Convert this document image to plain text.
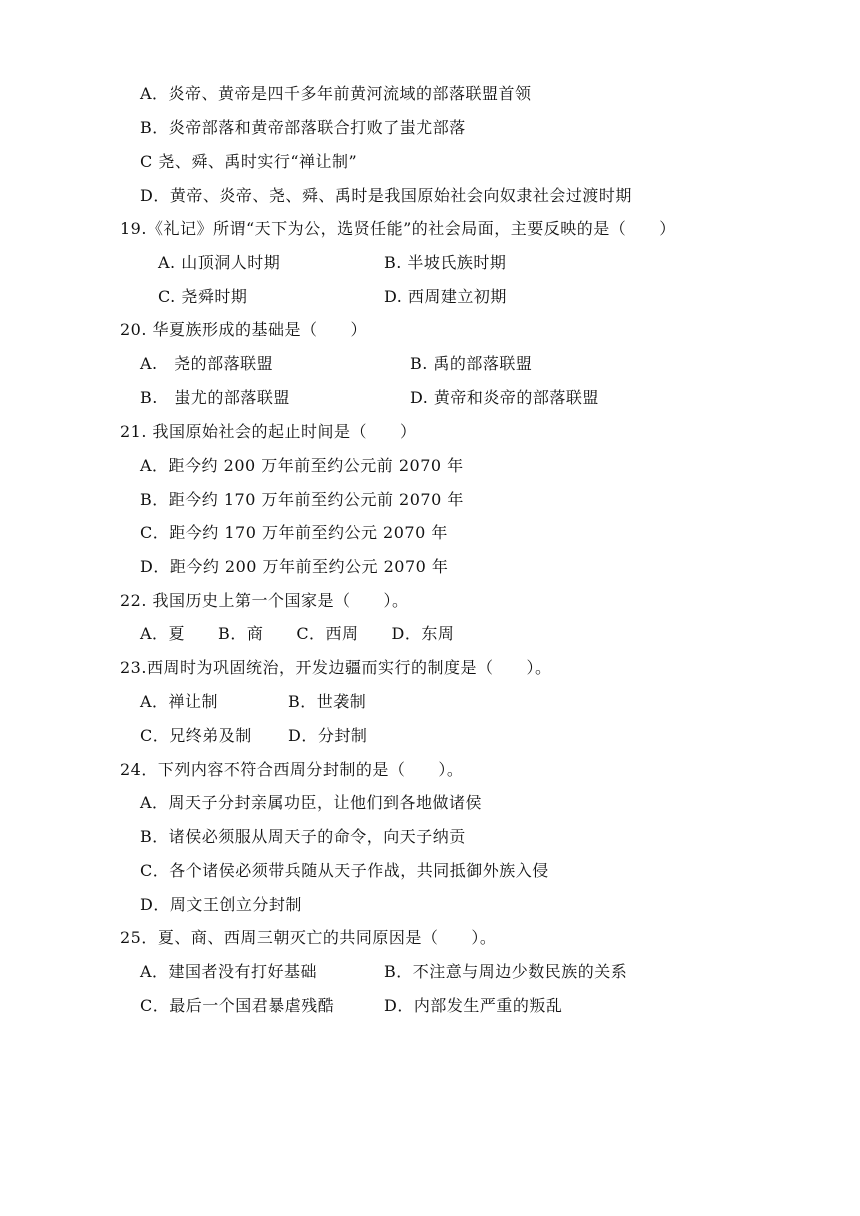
A．炎帝、黄帝是四千多年前黄河流域的部落联盟首领
B．炎帝部落和黄帝部落联合打败了蚩尤部落
C 尧、舜、禹时实行“禅让制”
D．黄帝、炎帝、尧、舜、禹时是我国原始社会向奴隶社会过渡时期
19.《礼记》所谓“天下为公，选贤任能”的社会局面，主要反映的是（　　）
A. 山顶洞人时期	B. 半坡氏族时期
C. 尧舜时期	D. 西周建立初期
20. 华夏族形成的基础是（　　）
A.　尧的部落联盟	B. 禹的部落联盟
B.　蚩尤的部落联盟	D. 黄帝和炎帝的部落联盟
21. 我国原始社会的起止时间是（　　）
A．距今约 200 万年前至约公元前 2070 年
B．距今约 170 万年前至约公元前 2070 年
C．距今约 170 万年前至约公元 2070 年
D．距今约 200 万年前至约公元 2070 年
22. 我国历史上第一个国家是（　　）。
A．夏　　B．商　　C．西周　　D．东周
23.西周时为巩固统治，开发边疆而实行的制度是（　　）。
A．禅让制	B．世袭制
C．兄终弟及制 D．分封制
24．下列内容不符合西周分封制的是（　　）。
A．周天子分封亲属功臣，让他们到各地做诸侯
B．诸侯必须服从周天子的命令，向天子纳贡
C．各个诸侯必须带兵随从天子作战，共同抵御外族入侵
D．周文王创立分封制
25．夏、商、西周三朝灭亡的共同原因是（　　）。
A．建国者没有打好基础	B．不注意与周边少数民族的关系
C．最后一个国君暴虐残酷	D．内部发生严重的叛乱
